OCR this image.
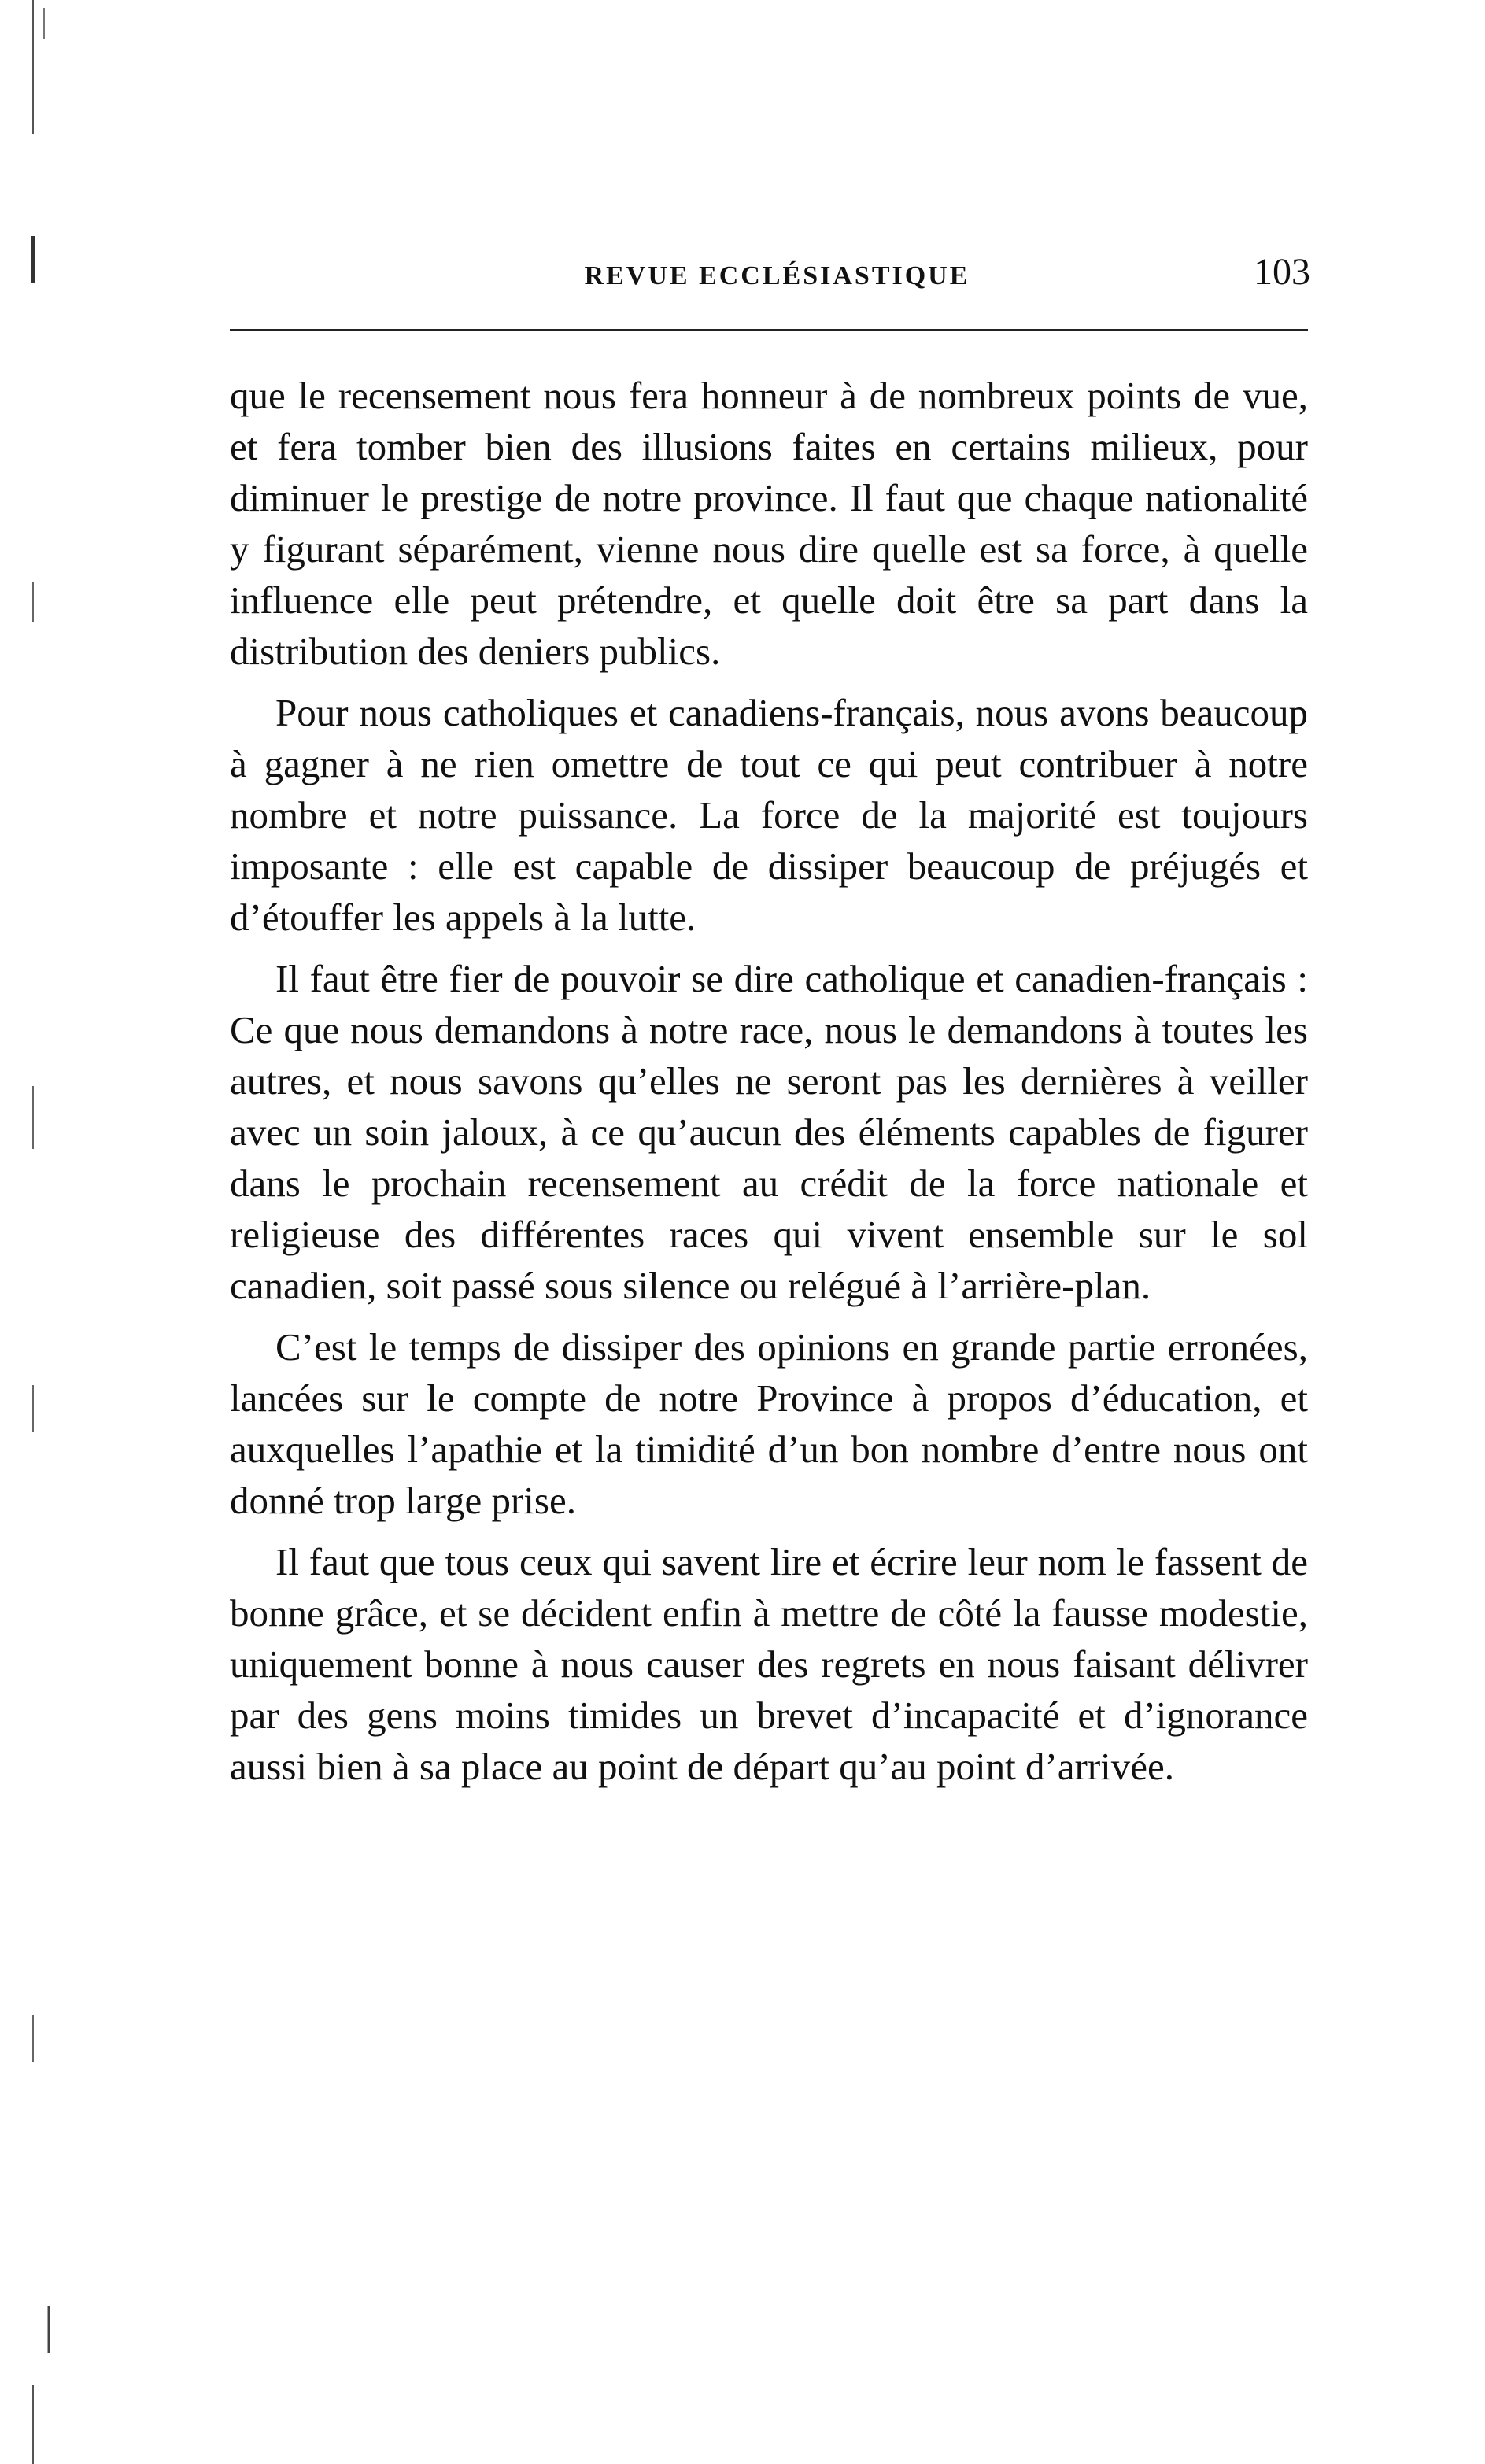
REVUE ECCLÉSIASTIQUE	103

que le recensement nous fera honneur à de nombreux points de vue, et fera tomber bien des illusions faites en certains milieux, pour diminuer le prestige de notre province. Il faut que chaque nationalité y figurant séparément, vienne nous dire quelle est sa force, à quelle influence elle peut prétendre, et quelle doit être sa part dans la distribution des deniers publics.

Pour nous catholiques et canadiens-français, nous avons beaucoup à gagner à ne rien omettre de tout ce qui peut contribuer à notre nombre et notre puissance. La force de la majorité est toujours imposante : elle est capable de dissiper beaucoup de préjugés et d’étouffer les appels à la lutte.

Il faut être fier de pouvoir se dire catholique et canadien-français : Ce que nous demandons à notre race, nous le demandons à toutes les autres, et nous savons qu’elles ne seront pas les dernières à veiller avec un soin jaloux, à ce qu’aucun des éléments capables de figurer dans le prochain recensement au crédit de la force nationale et religieuse des différentes races qui vivent ensemble sur le sol canadien, soit passé sous silence ou relégué à l’arrière-plan.

C’est le temps de dissiper des opinions en grande partie erronées, lancées sur le compte de notre Province à propos d’éducation, et auxquelles l’apathie et la timidité d’un bon nombre d’entre nous ont donné trop large prise.

Il faut que tous ceux qui savent lire et écrire leur nom le fassent de bonne grâce, et se décident enfin à mettre de côté la fausse modestie, uniquement bonne à nous causer des regrets en nous faisant délivrer par des gens moins timides un brevet d’incapacité et d’ignorance aussi bien à sa place au point de départ qu’au point d’arrivée.
